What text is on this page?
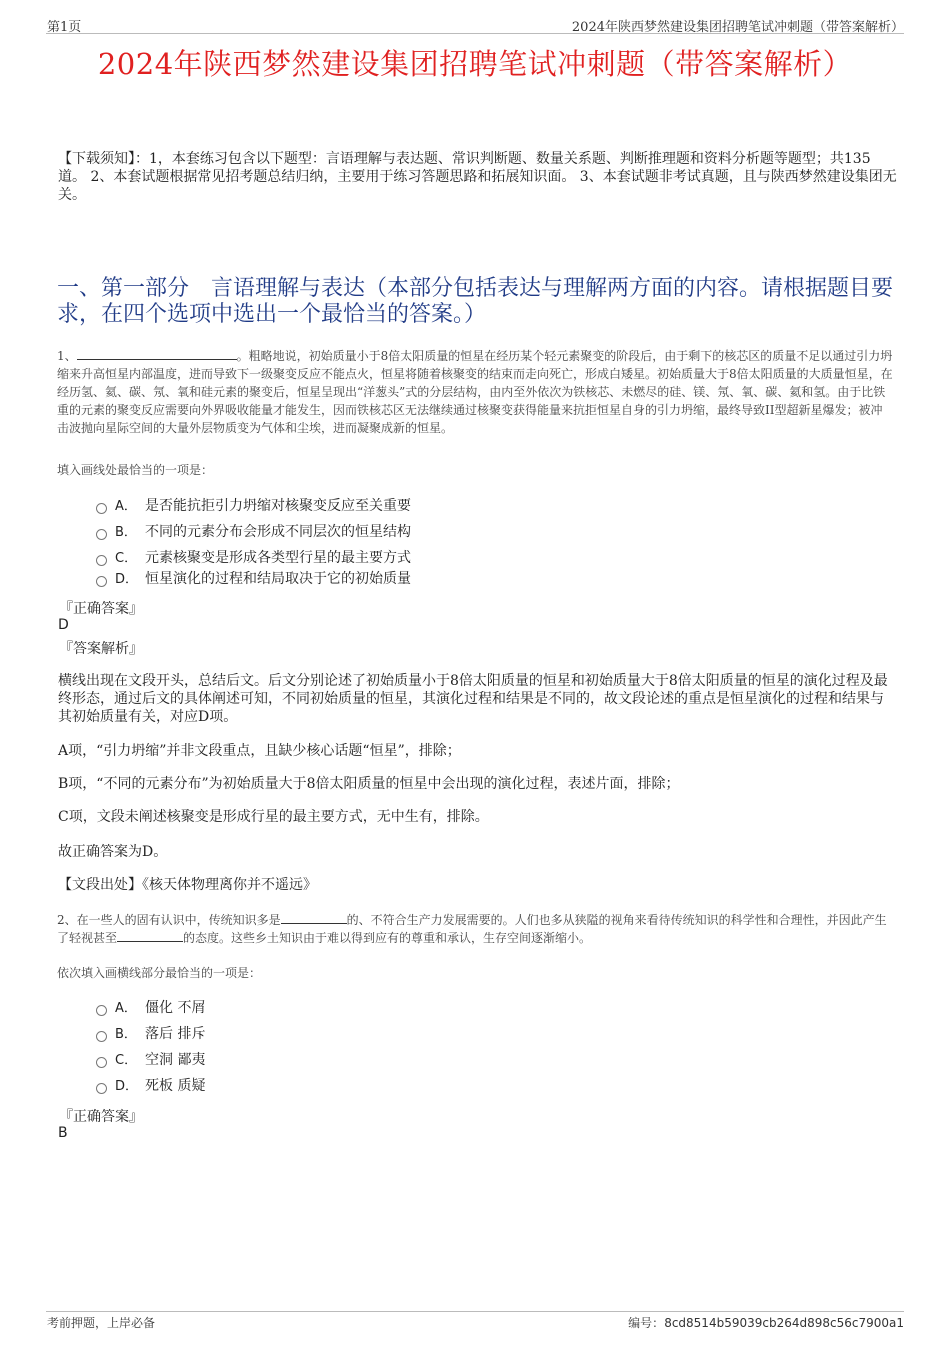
第1页	2024年陕西梦然建设集团招聘笔试冲刺题（带答案解析）
2024年陕西梦然建设集团招聘笔试冲刺题（带答案解析）
【下载须知】：1，本套练习包含以下题型：言语理解与表达题、常识判断题、数量关系题、判断推理题和资料分析题等题型；共135道。 2、本套试题根据常见招考题总结归纳，主要用于练习答题思路和拓展知识面。 3、本套试题非考试真题，且与陕西梦然建设集团无关。
一、第一部分　言语理解与表达（本部分包括表达与理解两方面的内容。请根据题目要求，在四个选项中选出一个最恰当的答案。）
1、	。粗略地说，初始质量小于8倍太阳质量的恒星在经历某个轻元素聚变的阶段后，由于剩下的核芯区的质量不足以通过引力坍缩来升高恒星内部温度，进而导致下一级聚变反应不能点火，恒星将随着核聚变的结束而走向死亡，形成白矮星。初始质量大于8倍太阳质量的大质量恒星，在经历氢、氦、碳、氖、氧和硅元素的聚变后，恒星呈现出“洋葱头”式的分层结构，由内至外依次为铁核芯、未燃尽的硅、镁、氖、氧、碳、氦和氢。由于比铁重的元素的聚变反应需要向外界吸收能量才能发生，因而铁核芯区无法继续通过核聚变获得能量来抗拒恒星自身的引力坍缩，最终导致II型超新星爆发；被冲击波抛向星际空间的大量外层物质变为气体和尘埃，进而凝聚成新的恒星。
填入画线处最恰当的一项是：
A． 是否能抗拒引力坍缩对核聚变反应至关重要
B． 不同的元素分布会形成不同层次的恒星结构
C． 元素核聚变是形成各类型行星的最主要方式
D． 恒星演化的过程和结局取决于它的初始质量
『正确答案』
D
『答案解析』
横线出现在文段开头，总结后文。后文分别论述了初始质量小于8倍太阳质量的恒星和初始质量大于8倍太阳质量的恒星的演化过程及最终形态，通过后文的具体阐述可知，不同初始质量的恒星，其演化过程和结果是不同的，故文段论述的重点是恒星演化的过程和结果与其初始质量有关，对应D项。
A项，“引力坍缩”并非文段重点，且缺少核心话题“恒星”，排除；
B项，“不同的元素分布”为初始质量大于8倍太阳质量的恒星中会出现的演化过程，表述片面，排除；
C项，文段未阐述核聚变是形成行星的最主要方式，无中生有，排除。
故正确答案为D。
【文段出处】《核天体物理离你并不遥远》
2、在一些人的固有认识中，传统知识多是	的、不符合生产力发展需要的。人们也多从狭隘的视角来看待传统知识的科学性和合理性，并因此产生了轻视甚至	的态度。这些乡土知识由于难以得到应有的尊重和承认，生存空间逐渐缩小。
依次填入画横线部分最恰当的一项是：
A． 僵化 不屑
B． 落后 排斥
C． 空洞 鄙夷
D． 死板 质疑
『正确答案』
B
考前押题，上岸必备	编号：8cd8514b59039cb264d898c56c7900a1
